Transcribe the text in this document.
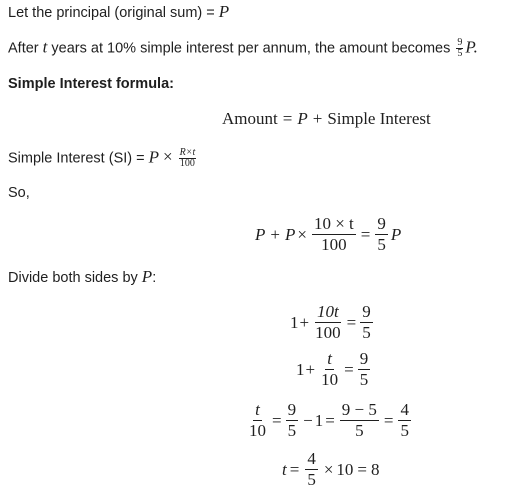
Let the principal (original sum) = P
After t years at 10% simple interest per annum, the amount becomes $\frac{9}{5} P$.
Simple Interest formula:
Amount = P + Simple Interest
Simple Interest $(SI) = P \times \frac{R\times t}{100}$
So,
$P + P \times \frac{10 \times t}{100} = \frac{9}{5}$ P
Divide both sides by P:
$1 + \frac{10t}{100} = \frac{9}{5}$
$1 + \frac{t}{10} = \frac{9}{5}$
$\frac{t}{10} = \frac{9}{5} - 1 = \frac{9 - 5}{5} = \frac{4}{5}$
$t = \frac{4}{5} \times 10 = 8$
